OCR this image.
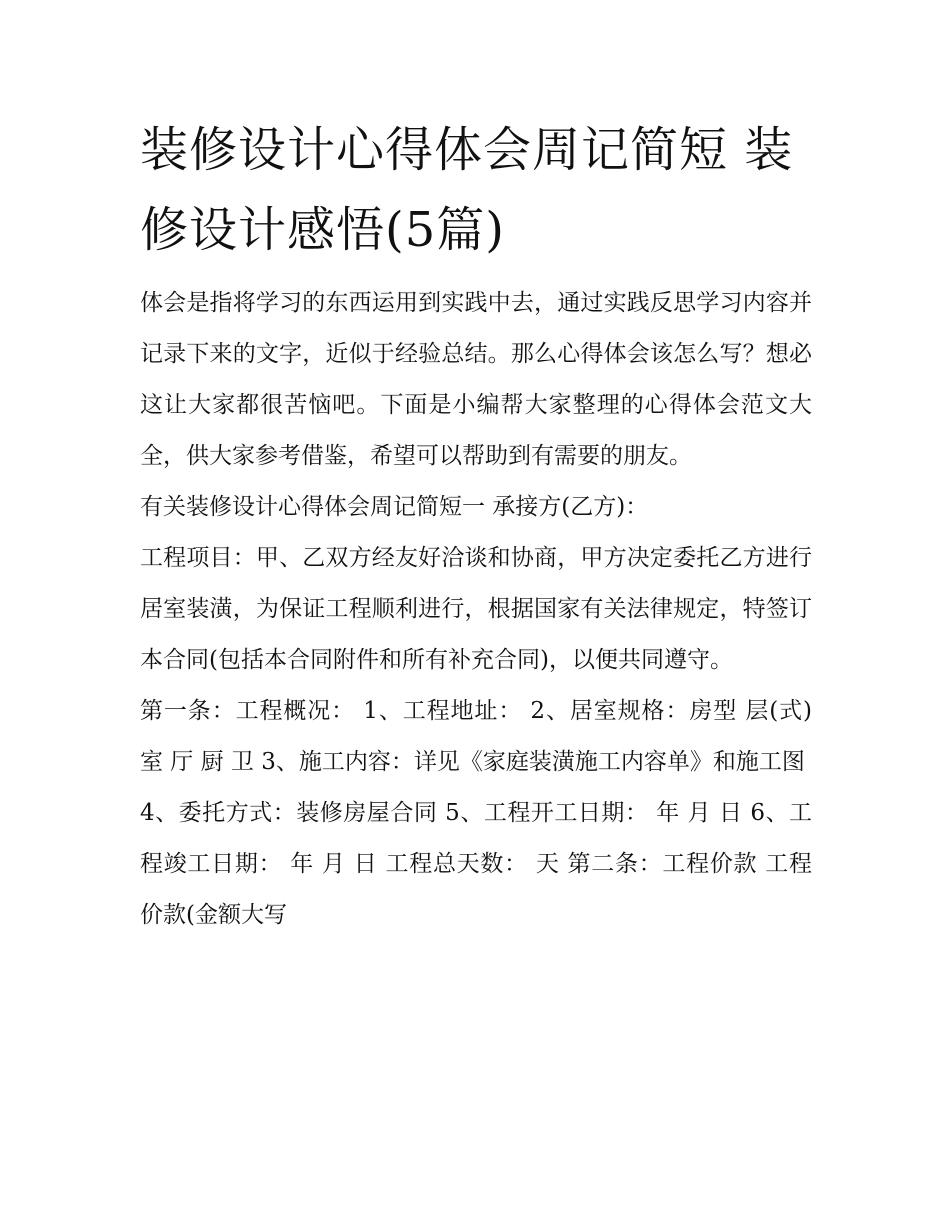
装修设计心得体会周记简短 装修设计感悟(5篇)

体会是指将学习的东西运用到实践中去，通过实践反思学习内容并记录下来的文字，近似于经验总结。那么心得体会该怎么写？想必这让大家都很苦恼吧。下面是小编帮大家整理的心得体会范文大全，供大家参考借鉴，希望可以帮助到有需要的朋友。

有关装修设计心得体会周记简短一 承接方(乙方)：

工程项目：甲、乙双方经友好洽谈和协商，甲方决定委托乙方进行居室装潢，为保证工程顺利进行，根据国家有关法律规定，特签订本合同(包括本合同附件和所有补充合同)，以便共同遵守。

第一条：工程概况： 1、工程地址： 2、居室规格：房型 层(式) 室 厅 厨 卫 3、施工内容：详见《家庭装潢施工内容单》和施工图

4、委托方式：装修房屋合同 5、工程开工日期： 年 月 日 6、工程竣工日期： 年 月 日 工程总天数： 天 第二条：工程价款 工程价款(金额大写
